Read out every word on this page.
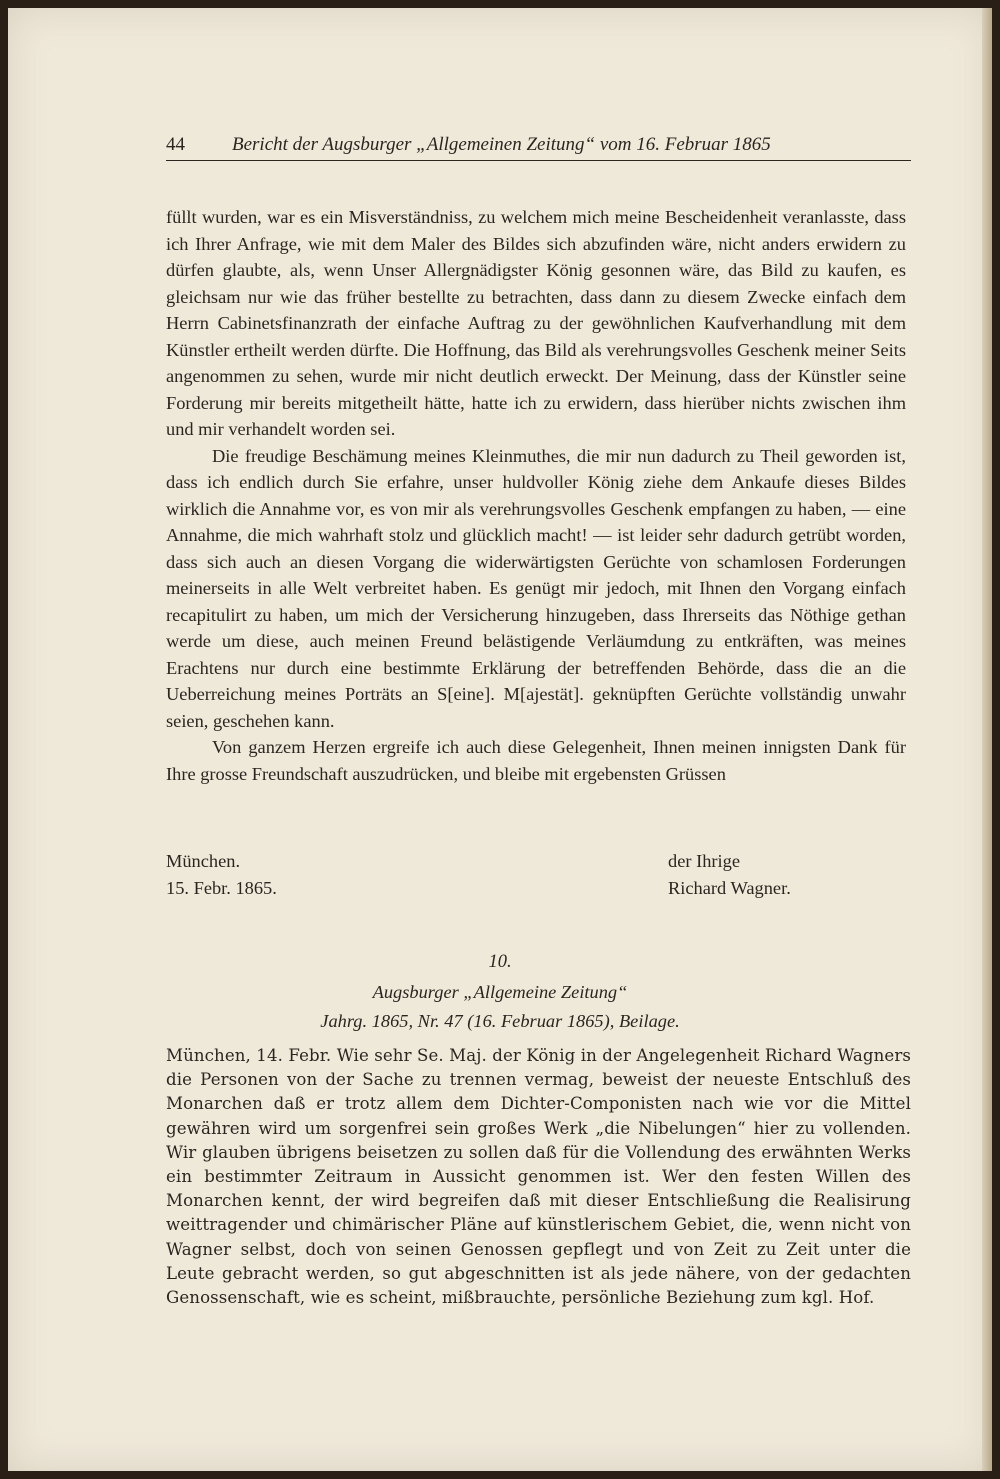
44	Bericht der Augsburger „Allgemeinen Zeitung“ vom 16. Februar 1865

füllt wurden, war es ein Misverständniss, zu welchem mich meine Bescheidenheit veranlasste, dass ich Ihrer Anfrage, wie mit dem Maler des Bildes sich abzufinden wäre, nicht anders erwidern zu dürfen glaubte, als, wenn Unser Allergnädigster König gesonnen wäre, das Bild zu kaufen, es gleichsam nur wie das früher bestellte zu betrachten, dass dann zu diesem Zwecke einfach dem Herrn Cabinetsfinanzrath der einfache Auftrag zu der gewöhnlichen Kaufverhandlung mit dem Künstler ertheilt werden dürfte. Die Hoffnung, das Bild als verehrungsvolles Geschenk meiner Seits angenommen zu sehen, wurde mir nicht deutlich erweckt. Der Meinung, dass der Künstler seine Forderung mir bereits mitgetheilt hätte, hatte ich zu erwidern, dass hierüber nichts zwischen ihm und mir verhandelt worden sei.

Die freudige Beschämung meines Kleinmuthes, die mir nun dadurch zu Theil geworden ist, dass ich endlich durch Sie erfahre, unser huldvoller König ziehe dem Ankaufe dieses Bildes wirklich die Annahme vor, es von mir als verehrungsvolles Geschenk empfangen zu haben, — eine Annahme, die mich wahrhaft stolz und glücklich macht! — ist leider sehr dadurch getrübt worden, dass sich auch an diesen Vorgang die widerwärtigsten Gerüchte von schamlosen Forderungen meinerseits in alle Welt verbreitet haben. Es genügt mir jedoch, mit Ihnen den Vorgang einfach recapitulirt zu haben, um mich der Versicherung hinzugeben, dass Ihrerseits das Nöthige gethan werde um diese, auch meinen Freund belästigende Verläumdung zu entkräften, was meines Erachtens nur durch eine bestimmte Erklärung der betreffenden Behörde, dass die an die Ueberreichung meines Porträts an S[eine]. M[ajestät]. geknüpften Gerüchte vollständig unwahr seien, geschehen kann.

Von ganzem Herzen ergreife ich auch diese Gelegenheit, Ihnen meinen innigsten Dank für Ihre grosse Freundschaft auszudrücken, und bleibe mit ergebensten Grüssen

München.	der Ihrige
15. Febr. 1865.	Richard Wagner.
10.
Augsburger „Allgemeine Zeitung“
Jahrg. 1865, Nr. 47 (16. Februar 1865), Beilage.

München, 14. Febr. Wie sehr Se. Maj. der König in der Angelegenheit Richard Wagners die Personen von der Sache zu trennen vermag, beweist der neueste Entschluß des Monarchen daß er trotz allem dem Dichter-Componisten nach wie vor die Mittel gewähren wird um sorgenfrei sein großes Werk „die Nibelungen“ hier zu vollenden. Wir glauben übrigens beisetzen zu sollen daß für die Vollendung des erwähnten Werks ein bestimmter Zeitraum in Aussicht genommen ist. Wer den festen Willen des Monarchen kennt, der wird begreifen daß mit dieser Entschließung die Realisirung weittragender und chimärischer Pläne auf künstlerischem Gebiet, die, wenn nicht von Wagner selbst, doch von seinen Genossen gepflegt und von Zeit zu Zeit unter die Leute gebracht werden, so gut abgeschnitten ist als jede nähere, von der gedachten Genossenschaft, wie es scheint, mißbrauchte, persönliche Beziehung zum kgl. Hof.
